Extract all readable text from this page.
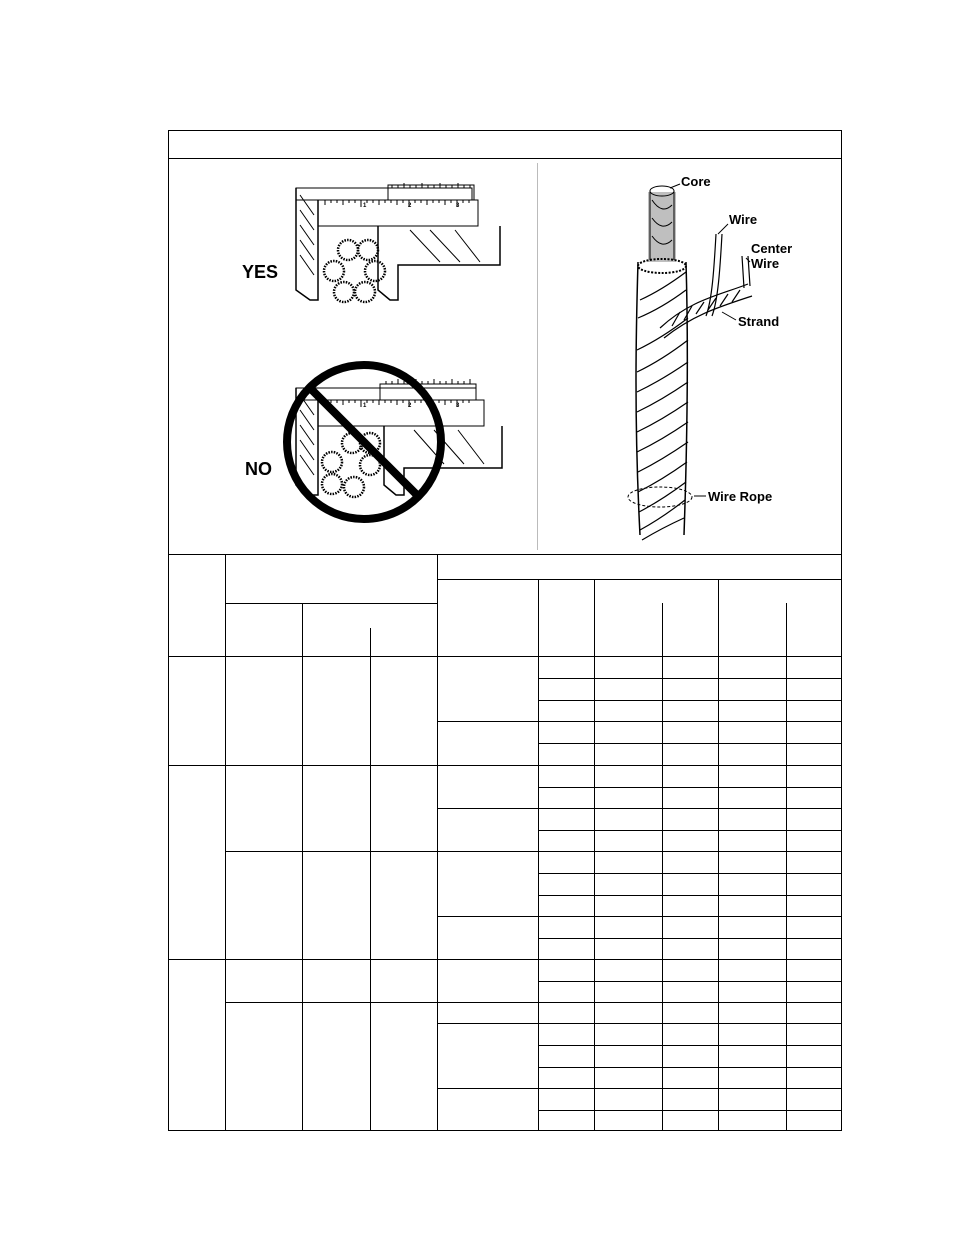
1	2	3
YES
1	2	3
NO
Core
Wire
Center
Wire
Strand
Wire Rope
